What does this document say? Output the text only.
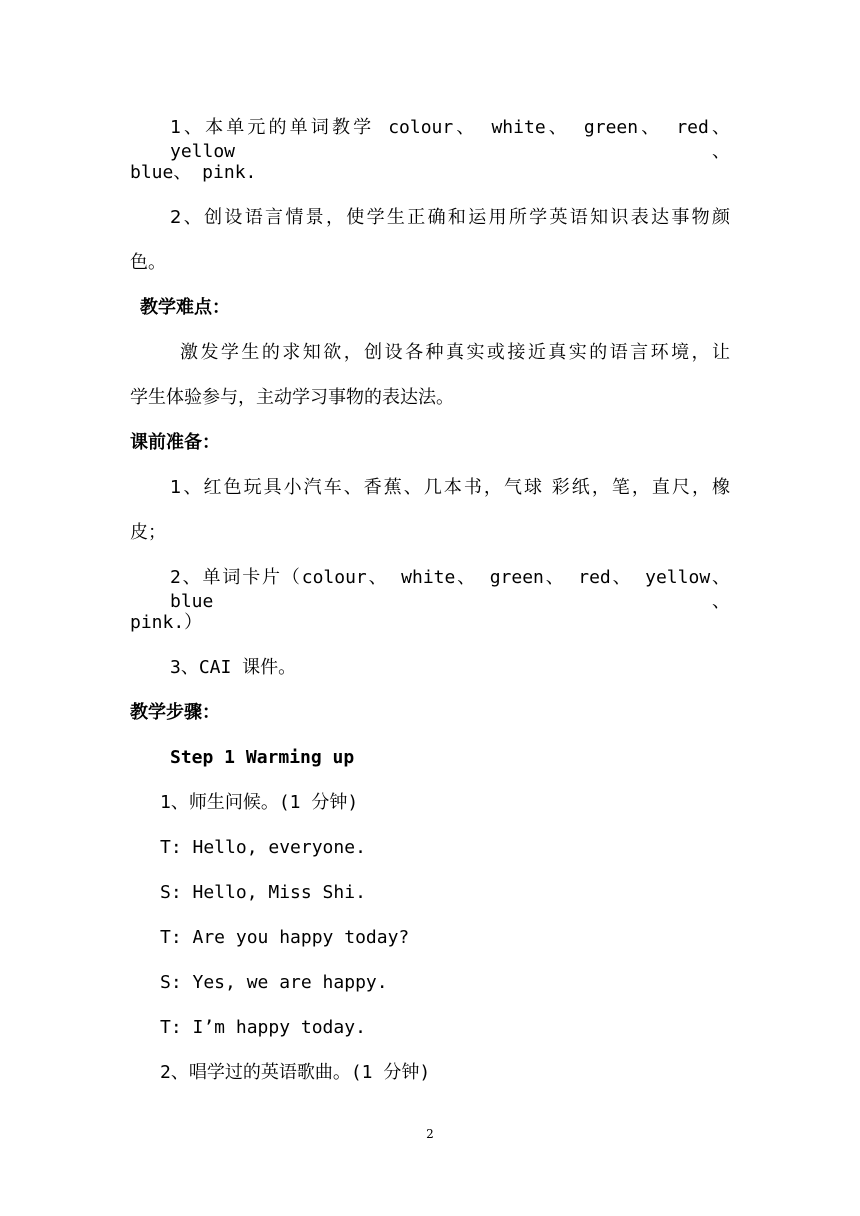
1、本单元的单词教学 colour、 white、 green、 red、 yellow、
blue、 pink.
2、创设语言情景，使学生正确和运用所学英语知识表达事物颜
色。
教学难点：
激发学生的求知欲，创设各种真实或接近真实的语言环境，让
学生体验参与，主动学习事物的表达法。
课前准备：
1、红色玩具小汽车、香蕉、几本书，气球 彩纸，笔，直尺，橡
皮；
2、单词卡片（colour、 white、 green、 red、 yellow、 blue、
pink.）
3、CAI 课件。
教学步骤：
Step 1 Warming up
1、师生问候。(1 分钟)
T: Hello, everyone.
S: Hello, Miss Shi.
T: Are you happy today?
S: Yes, we are happy.
T: I’m happy today.
2、唱学过的英语歌曲。(1 分钟)
2
